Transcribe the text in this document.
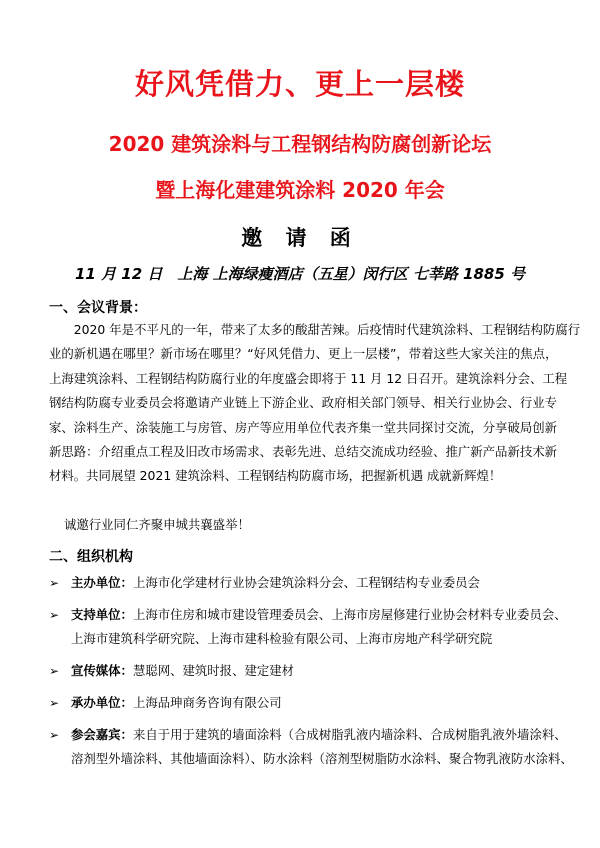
好风凭借力、更上一层楼
2020 建筑涂料与工程钢结构防腐创新论坛
暨上海化建建筑涂料 2020 年会
邀 请 函
11 月 12 日　上海 上海绿瘦酒店（五星）闵行区 七莘路 1885 号
一、会议背景：
　　2020 年是不平凡的一年，带来了太多的酸甜苦辣。后疫情时代建筑涂料、工程钢结构防腐行
业的新机遇在哪里？新市场在哪里？“好风凭借力、更上一层楼”，带着这些大家关注的焦点，
上海建筑涂料、工程钢结构防腐行业的年度盛会即将于 11 月 12 日召开。建筑涂料分会、工程
钢结构防腐专业委员会将邀请产业链上下游企业、政府相关部门领导、相关行业协会、行业专
家、涂料生产、涂装施工与房管、房产等应用单位代表齐集一堂共同探讨交流，分享破局创新
新思路：介绍重点工程及旧改市场需求、表彰先进、总结交流成功经验、推广新产品新技术新
材料。共同展望 2021 建筑涂料、工程钢结构防腐市场，把握新机遇 成就新辉煌！
诚邀行业同仁齐聚申城共襄盛举！
二、组织机构
➢ 主办单位：上海市化学建材行业协会建筑涂料分会、工程钢结构专业委员会
➢ 支持单位：上海市住房和城市建设管理委员会、上海市房屋修建行业协会材料专业委员会、
上海市建筑科学研究院、上海市建科检验有限公司、上海市房地产科学研究院
➢ 宣传媒体：慧聪网、建筑时报、建定建材
➢ 承办单位：上海品珅商务咨询有限公司
➢ 参会嘉宾：来自于用于建筑的墙面涂料（合成树脂乳液内墙涂料、合成树脂乳液外墙涂料、
溶剂型外墙涂料、其他墙面涂料）、防水涂料（溶剂型树脂防水涂料、聚合物乳液防水涂料、
